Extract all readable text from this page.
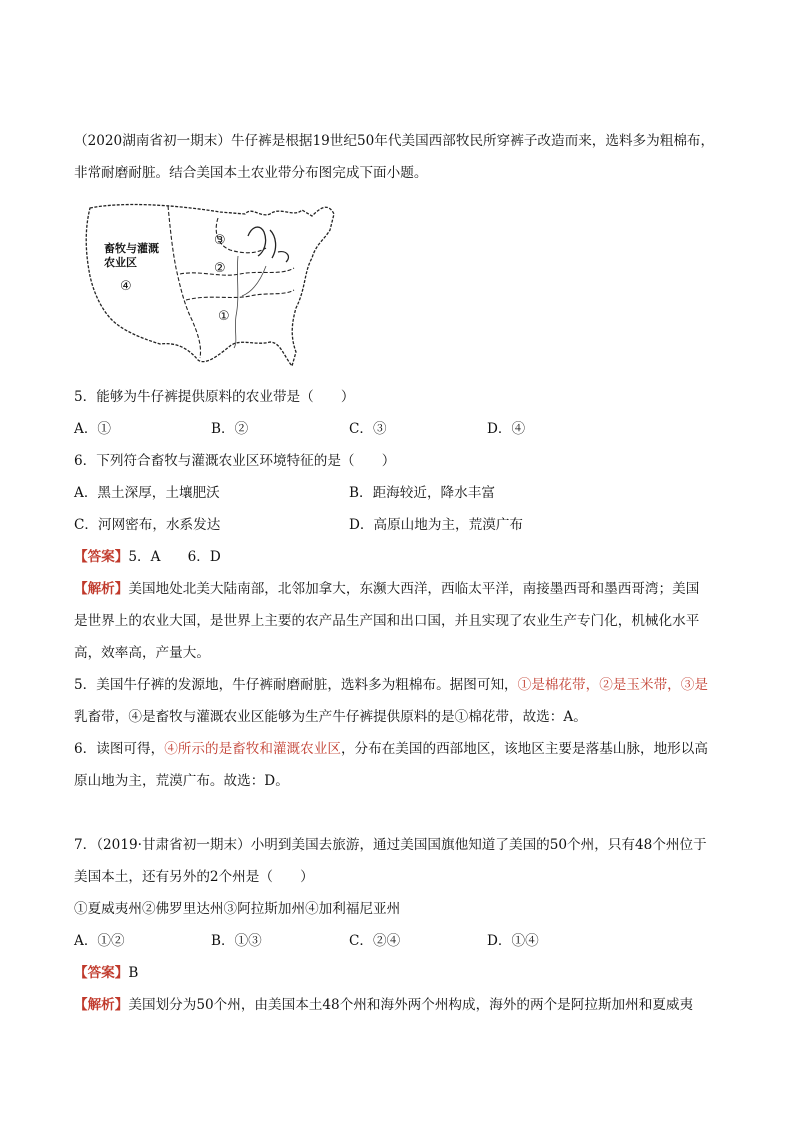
（2020湖南省初一期末）牛仔裤是根据19世纪50年代美国西部牧民所穿裤子改造而来，选料多为粗棉布，
非常耐磨耐脏。结合美国本土农业带分布图完成下面小题。
畜牧与灌溉
农业区
④
③
②
①
5．能够为牛仔裤提供原料的农业带是（　　）
A．①	B．②	C．③	D．④
6．下列符合畜牧与灌溉农业区环境特征的是（　　）
A．黑土深厚，土壤肥沃	B．距海较近，降水丰富
C．河网密布，水系发达	D．高原山地为主，荒漠广布
【答案】5．A　　6．D
【解析】美国地处北美大陆南部，北邻加拿大，东濒大西洋，西临太平洋，南接墨西哥和墨西哥湾；美国
是世界上的农业大国，是世界上主要的农产品生产国和出口国，并且实现了农业生产专门化，机械化水平
高，效率高，产量大。
5．美国牛仔裤的发源地，牛仔裤耐磨耐脏，选料多为粗棉布。据图可知，①是棉花带，②是玉米带，③是
乳畜带，④是畜牧与灌溉农业区能够为生产牛仔裤提供原料的是①棉花带，故选：A。
6．读图可得，④所示的是畜牧和灌溉农业区，分布在美国的西部地区，该地区主要是落基山脉，地形以高
原山地为主，荒漠广布。故选：D。
7．（2019·甘肃省初一期末）小明到美国去旅游，通过美国国旗他知道了美国的50个州，只有48个州位于
美国本土，还有另外的2个州是（　　）
①夏威夷州②佛罗里达州③阿拉斯加州④加利福尼亚州
A．①②	B．①③	C．②④	D．①④
【答案】B
【解析】美国划分为50个州，由美国本土48个州和海外两个州构成，海外的两个是阿拉斯加州和夏威夷
